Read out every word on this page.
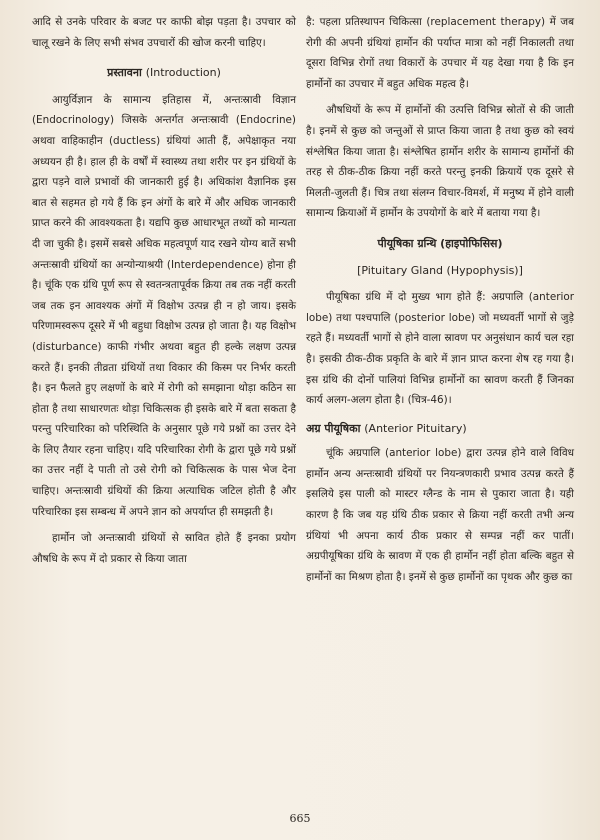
आदि से उनके परिवार के बजट पर काफी बोझ पड़ता है। उपचार को चालू रखने के लिए सभी संभव उपचारों की खोज करनी चाहिए।

प्रस्तावना (Introduction)

आयुर्विज्ञान के सामान्य इतिहास में, अन्तःस्रावी विज्ञान (Endocrinology) जिसके अन्तर्गत अन्तःस्रावी (Endocrine) अथवा वाहिकाहीन (ductless) ग्रंथियां आती हैं, अपेक्षाकृत नया अध्ययन ही है। हाल ही के वर्षों में स्वास्थ्य तथा शरीर पर इन ग्रंथियों के द्वारा पड़ने वाले प्रभावों की जानकारी हुई है। अधिकांश वैज्ञानिक इस बात से सहमत हो गये हैं कि इन अंगों के बारे में और अधिक जानकारी प्राप्त करने की आवश्यकता है। यद्यपि कुछ आधारभूत तथ्यों को मान्यता दी जा चुकी है। इसमें सबसे अधिक महत्वपूर्ण याद रखने योग्य बातें सभी अन्तःस्रावी ग्रंथियों का अन्योन्याश्रयी (Interdependence) होना ही है। चूंकि एक ग्रंथि पूर्ण रूप से स्वतन्त्रतापूर्वक क्रिया तब तक नहीं करती जब तक इन आवश्यक अंगों में विक्षोभ उत्पन्न ही न हो जाय। इसके परिणामस्वरूप दूसरे में भी बहुधा विक्षोभ उत्पन्न हो जाता है। यह विक्षोभ (disturbance) काफी गंभीर अथवा बहुत ही हल्के लक्षण उत्पन्न करते हैं। इनकी तीव्रता ग्रंथियों तथा विकार की किस्म पर निर्भर करती है। इन फैलते हुए लक्षणों के बारे में रोगी को समझाना थोड़ा कठिन सा होता है तथा साधारणतः थोड़ा चिकित्सक ही इसके बारे में बता सकता है परन्तु परिचारिका को परिस्थिति के अनुसार पूछे गये प्रश्नों का उत्तर देने के लिए तैयार रहना चाहिए। यदि परिचारिका रोगी के द्वारा पूछे गये प्रश्नों का उत्तर नहीं दे पाती तो उसे रोगी को चिकित्सक के पास भेज देना चाहिए। अन्तःस्रावी ग्रंथियों की क्रिया अत्याधिक जटिल होती है और परिचारिका इस सम्बन्ध में अपने ज्ञान को अपर्याप्त ही समझती है।

हार्मोन जो अन्तःस्रावी ग्रंथियों से स्रावित होते हैं इनका प्रयोग औषधि के रूप में दो प्रकार से किया जाता

है: पहला प्रतिस्थापन चिकित्सा (replacement therapy) में जब रोगी की अपनी ग्रंथियां हार्मोन की पर्याप्त मात्रा को नहीं निकालती तथा दूसरा विभिन्न रोगों तथा विकारों के उपचार में यह देखा गया है कि इन हार्मोनों का उपचार में बहुत अधिक महत्व है।

औषधियों के रूप में हार्मोनों की उत्पत्ति विभिन्न स्रोतों से की जाती है। इनमें से कुछ को जन्तुओं से प्राप्त किया जाता है तथा कुछ को स्वयं संश्लेषित किया जाता है। संश्लेषित हार्मोन शरीर के सामान्य हार्मोनों की तरह से ठीक-ठीक क्रिया नहीं करते परन्तु इनकी क्रियायें एक दूसरे से मिलती-जुलती हैं। चित्र तथा संलग्न विचार-विमर्श, में मनुष्य में होने वाली सामान्य क्रियाओं में हार्मोन के उपयोगों के बारे में बताया गया है।

पीयूषिका ग्रन्थि (हाइपोफिसिस)
[Pituitary Gland (Hypophysis)]

पीयूषिका ग्रंथि में दो मुख्य भाग होते हैं: अग्रपालि (anterior lobe) तथा पश्चपालि (posterior lobe) जो मध्यवर्ती भागों से जुड़े रहते हैं। मध्यवर्ती भागों से होने वाला स्रावण पर अनुसंधान कार्य चल रहा है। इसकी ठीक-ठीक प्रकृति के बारे में ज्ञान प्राप्त करना शेष रह गया है। इस ग्रंथि की दोनों पालियां विभिन्न हार्मोनों का स्रावण करती हैं जिनका कार्य अलग-अलग होता है। (चित्र-46)।

अग्र पीयूषिका (Anterior Pituitary)

चूंकि अग्रपालि (anterior lobe) द्वारा उत्पन्न होने वाले विविध हार्मोन अन्य अन्तःस्रावी ग्रंथियों पर नियन्त्रणकारी प्रभाव उत्पन्न करते हैं इसलिये इस पाली को मास्टर ग्लैन्ड के नाम से पुकारा जाता है। यही कारण है कि जब यह ग्रंथि ठीक प्रकार से क्रिया नहीं करती तभी अन्य ग्रंथियां भी अपना कार्य ठीक प्रकार से सम्पन्न नहीं कर पातीं। अग्रपीयूषिका ग्रंथि के स्रावण में एक ही हार्मोन नहीं होता बल्कि बहुत से हार्मोनों का मिश्रण होता है। इनमें से कुछ हार्मोनों का पृथक और कुछ का

665
